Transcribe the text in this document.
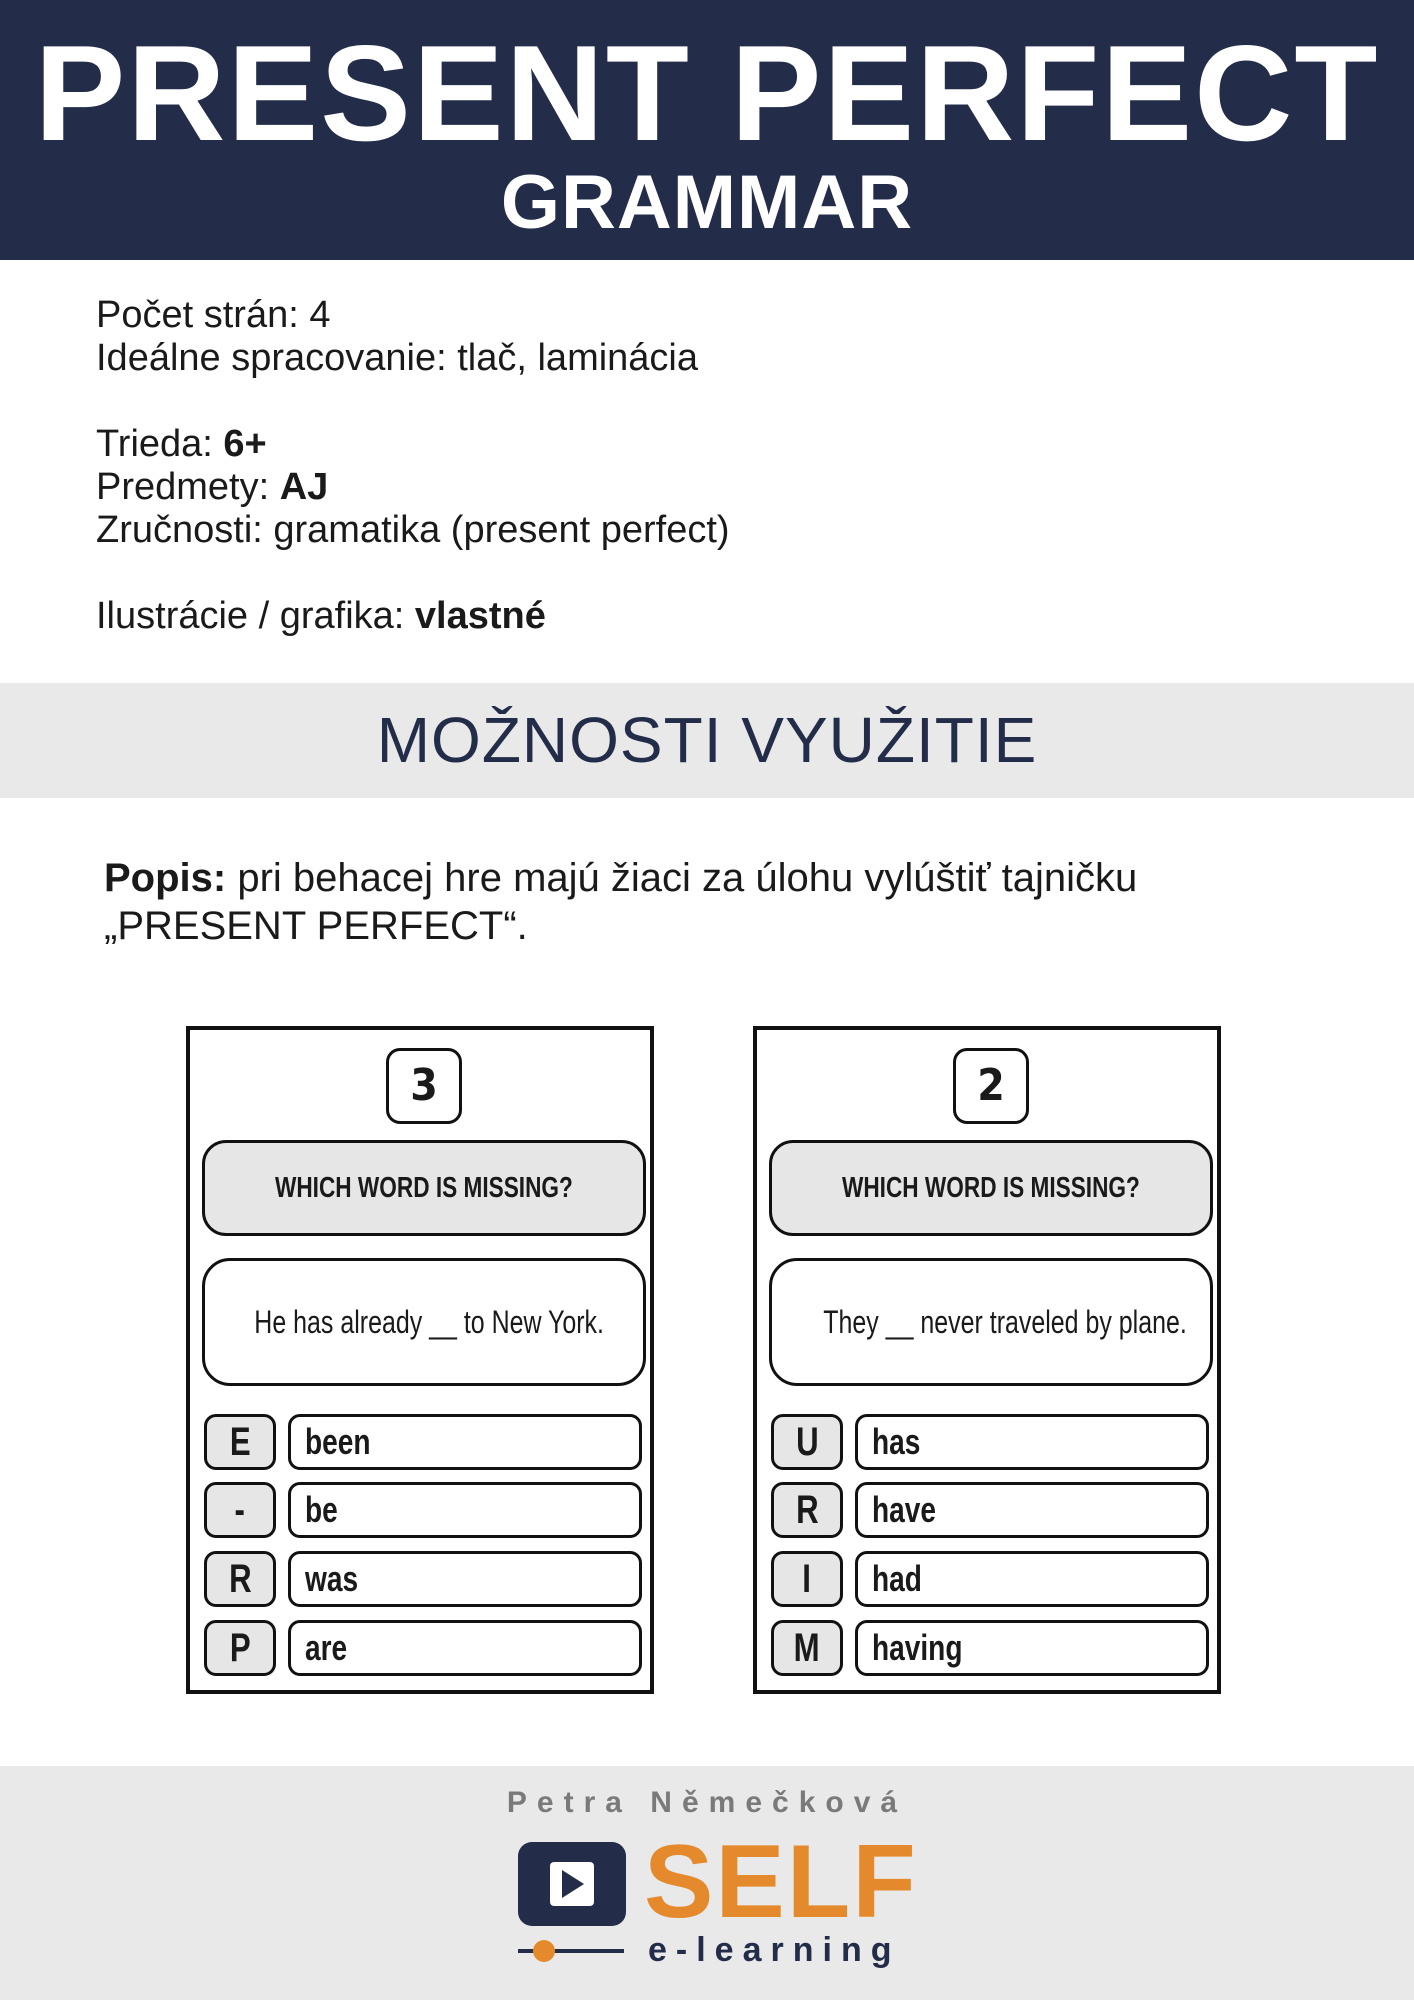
PRESENT PERFECT
GRAMMAR
Počet strán: 4
Ideálne spracovanie: tlač, laminácia
Trieda: 6+
Predmety: AJ
Zručnosti: gramatika (present perfect)
Ilustrácie / grafika: vlastné
MOŽNOSTI VYUŽITIE
Popis: pri behacej hre majú žiaci za úlohu vylúštiť tajničku „PRESENT PERFECT“.
3
WHICH WORD IS MISSING?
He has already __ to New York.
E	been
-	be
R	was
P	are
2
WHICH WORD IS MISSING?
They __ never traveled by plane.
U	has
R	have
I	had
M	having
Petra Němečková
SELF
e-learning
